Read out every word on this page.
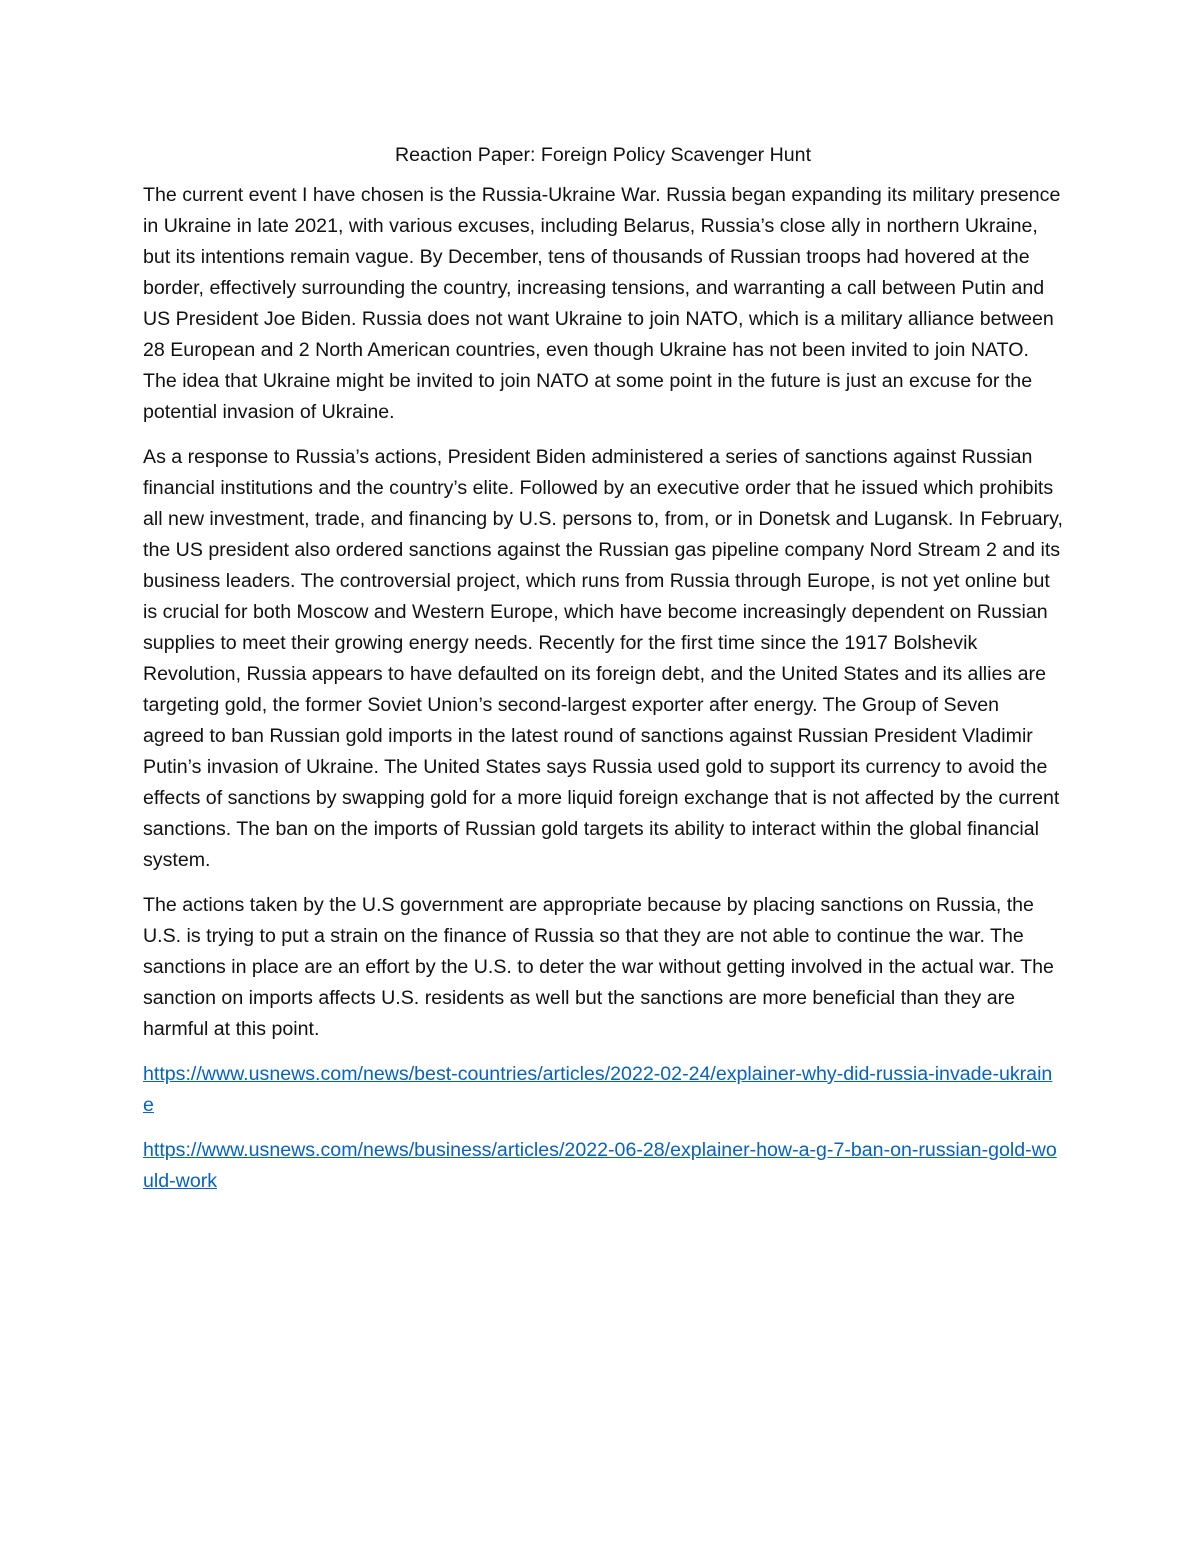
Reaction Paper: Foreign Policy Scavenger Hunt

The current event I have chosen is the Russia-Ukraine War. Russia began expanding its military presence in Ukraine in late 2021, with various excuses, including Belarus, Russia’s close ally in northern Ukraine, but its intentions remain vague. By December, tens of thousands of Russian troops had hovered at the border, effectively surrounding the country, increasing tensions, and warranting a call between Putin and US President Joe Biden. Russia does not want Ukraine to join NATO, which is a military alliance between 28 European and 2 North American countries, even though Ukraine has not been invited to join NATO. The idea that Ukraine might be invited to join NATO at some point in the future is just an excuse for the potential invasion of Ukraine.

As a response to Russia’s actions, President Biden administered a series of sanctions against Russian financial institutions and the country’s elite. Followed by an executive order that he issued which prohibits all new investment, trade, and financing by U.S. persons to, from, or in Donetsk and Lugansk. In February, the US president also ordered sanctions against the Russian gas pipeline company Nord Stream 2 and its business leaders. The controversial project, which runs from Russia through Europe, is not yet online but is crucial for both Moscow and Western Europe, which have become increasingly dependent on Russian supplies to meet their growing energy needs. Recently for the first time since the 1917 Bolshevik Revolution, Russia appears to have defaulted on its foreign debt, and the United States and its allies are targeting gold, the former Soviet Union’s second-largest exporter after energy. The Group of Seven agreed to ban Russian gold imports in the latest round of sanctions against Russian President Vladimir Putin’s invasion of Ukraine. The United States says Russia used gold to support its currency to avoid the effects of sanctions by swapping gold for a more liquid foreign exchange that is not affected by the current sanctions. The ban on the imports of Russian gold targets its ability to interact within the global financial system.

The actions taken by the U.S government are appropriate because by placing sanctions on Russia, the U.S. is trying to put a strain on the finance of Russia so that they are not able to continue the war. The sanctions in place are an effort by the U.S. to deter the war without getting involved in the actual war. The sanction on imports affects U.S. residents as well but the sanctions are more beneficial than they are harmful at this point.

https://www.usnews.com/news/best-countries/articles/2022-02-24/explainer-why-did-russia-invade-ukraine
https://www.usnews.com/news/business/articles/2022-06-28/explainer-how-a-g-7-ban-on-russian-gold-would-work
